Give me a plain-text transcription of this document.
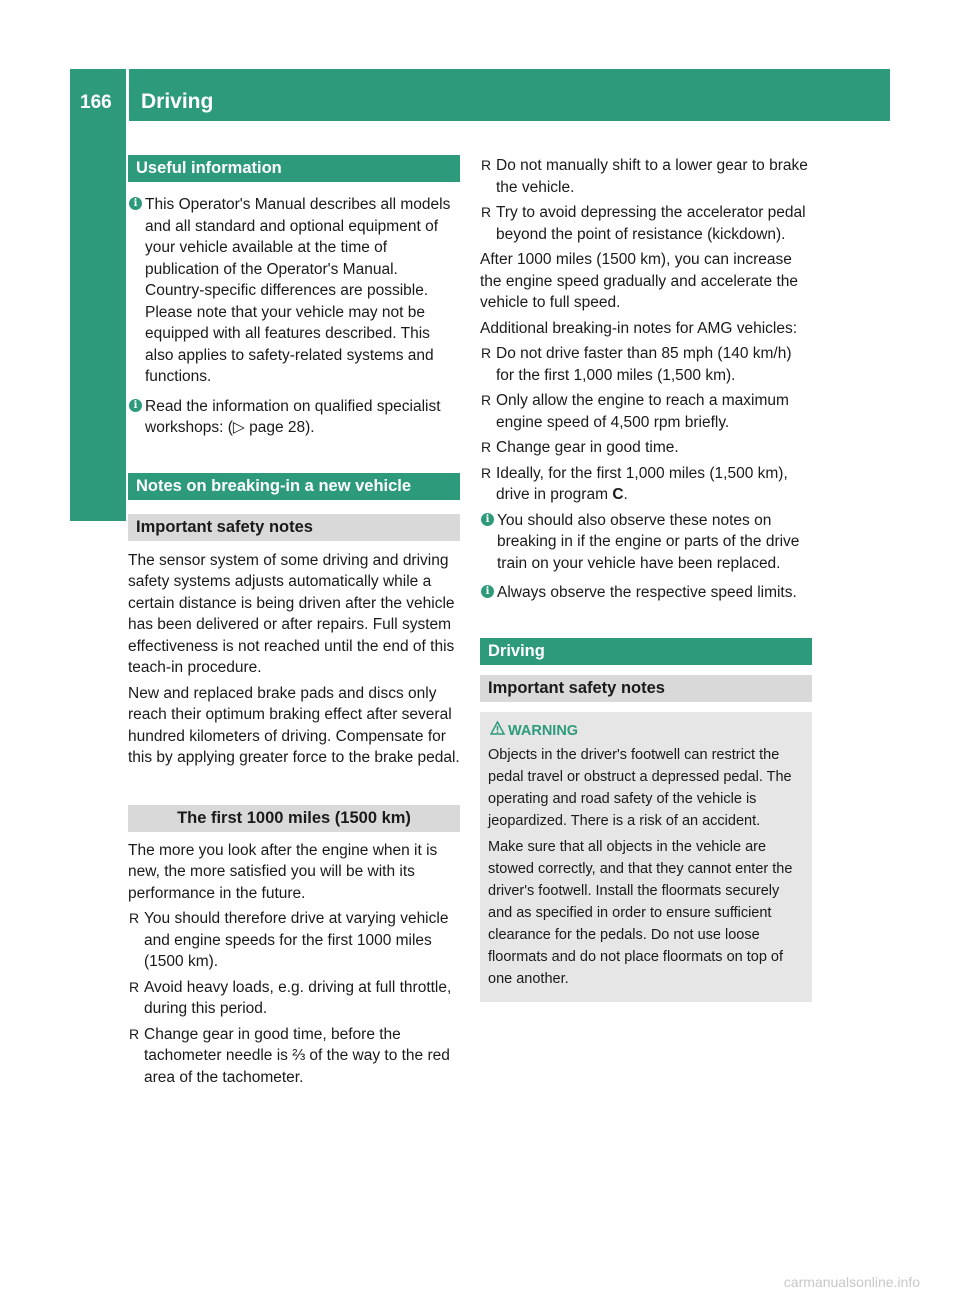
166 Driving
Driving and parking
Useful information
i This Operator's Manual describes all models and all standard and optional equipment of your vehicle available at the time of publication of the Operator's Manual. Country-specific differences are possible. Please note that your vehicle may not be equipped with all features described. This also applies to safety-related systems and functions.
i Read the information on qualified specialist workshops: (▷ page 28).
Notes on breaking-in a new vehicle
Important safety notes

The sensor system of some driving and driving safety systems adjusts automatically while a certain distance is being driven after the vehicle has been delivered or after repairs. Full system effectiveness is not reached until the end of this teach-in procedure.

New and replaced brake pads and discs only reach their optimum braking effect after several hundred kilometers of driving. Compensate for this by applying greater force to the brake pedal.

The first 1000 miles (1500 km)

The more you look after the engine when it is new, the more satisfied you will be with its performance in the future.

R You should therefore drive at varying vehicle and engine speeds for the first 1000 miles (1500 km).
R Avoid heavy loads, e.g. driving at full throttle, during this period.
R Change gear in good time, before the tachometer needle is ⅔ of the way to the red area of the tachometer.
R Do not manually shift to a lower gear to brake the vehicle.
R Try to avoid depressing the accelerator pedal beyond the point of resistance (kickdown).

After 1000 miles (1500 km), you can increase the engine speed gradually and accelerate the vehicle to full speed.

Additional breaking-in notes for AMG vehicles:

R Do not drive faster than 85 mph (140 km/h) for the first 1,000 miles (1,500 km).
R Only allow the engine to reach a maximum engine speed of 4,500 rpm briefly.
R Change gear in good time.
R Ideally, for the first 1,000 miles (1,500 km), drive in program C.
i You should also observe these notes on breaking in if the engine or parts of the drive train on your vehicle have been replaced.
i Always observe the respective speed limits.
Driving
Important safety notes
WARNING

Objects in the driver's footwell can restrict the pedal travel or obstruct a depressed pedal. The operating and road safety of the vehicle is jeopardized. There is a risk of an accident.

Make sure that all objects in the vehicle are stowed correctly, and that they cannot enter the driver's footwell. Install the floormats securely and as specified in order to ensure sufficient clearance for the pedals. Do not use loose floormats and do not place floormats on top of one another.

carmanualsonline.info
